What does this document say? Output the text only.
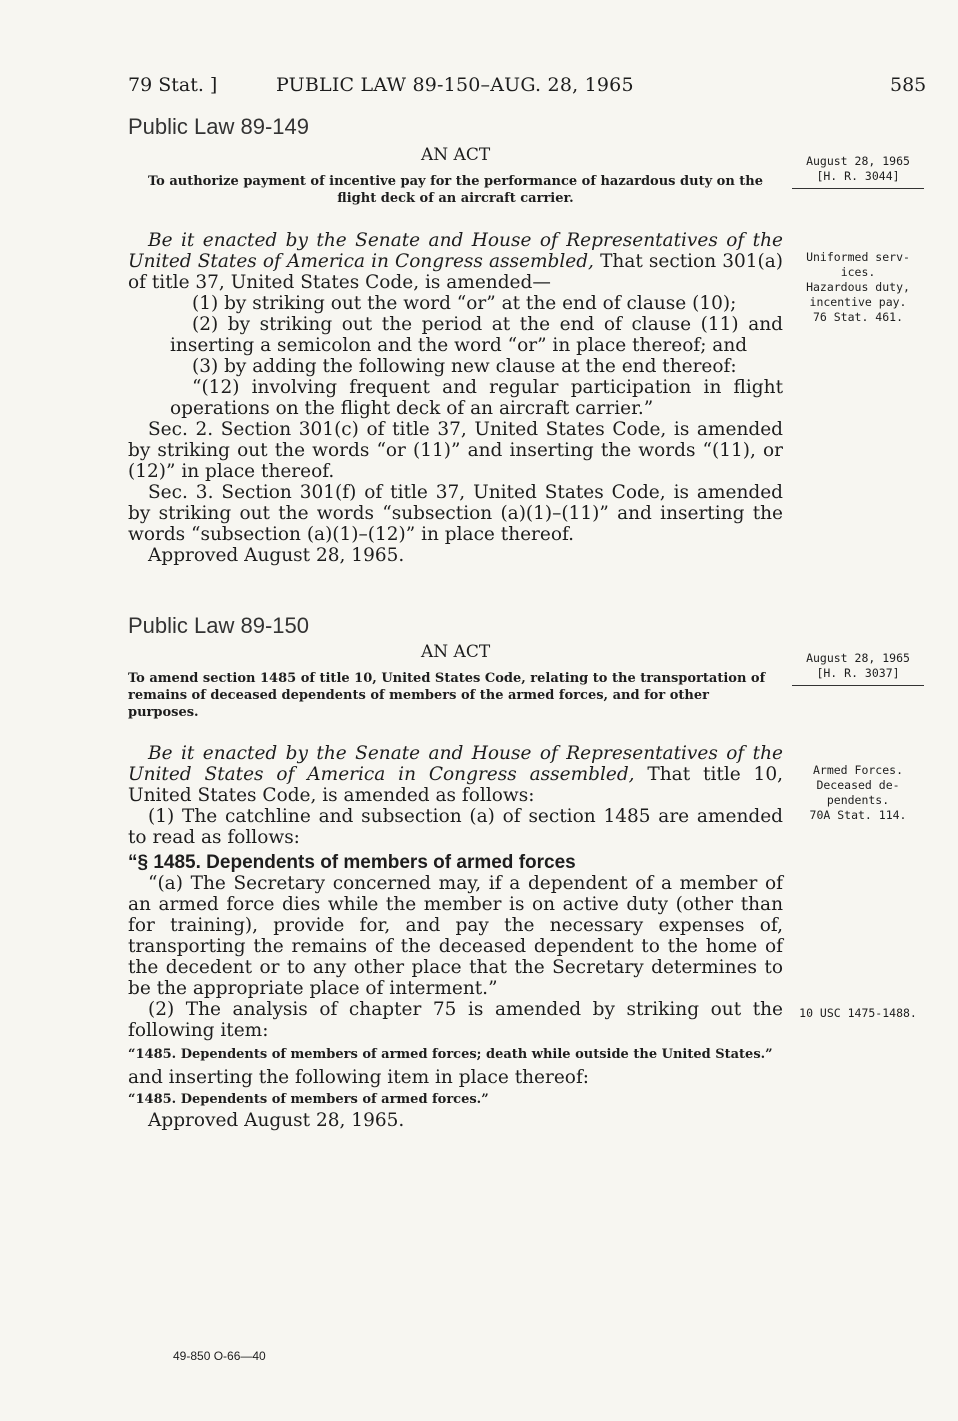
79 Stat. ]	PUBLIC LAW 89-150–AUG. 28, 1965	585
Public Law 89-149
AN ACT
To authorize payment of incentive pay for the performance of hazardous duty on the flight deck of an aircraft carrier.
August 28, 1965
[H. R. 3044]

Be it enacted by the Senate and House of Representatives of the United States of America in Congress assembled, That section 301(a) of title 37, United States Code, is amended—

(1) by striking out the word “or” at the end of clause (10);

(2) by striking out the period at the end of clause (11) and inserting a semicolon and the word “or” in place thereof; and

(3) by adding the following new clause at the end thereof:

“(12) involving frequent and regular participation in flight operations on the flight deck of an aircraft carrier.”

Sec. 2. Section 301(c) of title 37, United States Code, is amended by striking out the words “or (11)” and inserting the words “(11), or (12)” in place thereof.

Sec. 3. Section 301(f) of title 37, United States Code, is amended by striking out the words “subsection (a)(1)–(11)” and inserting the words “subsection (a)(1)–(12)” in place thereof.

Approved August 28, 1965.

Uniformed serv-ices.
Hazardous duty, incentive pay.
76 Stat. 461.
Public Law 89-150
AN ACT
To amend section 1485 of title 10, United States Code, relating to the transportation of remains of deceased dependents of members of the armed forces, and for other purposes.
August 28, 1965
[H. R. 3037]

Be it enacted by the Senate and House of Representatives of the United States of America in Congress assembled, That title 10, United States Code, is amended as follows:

(1) The catchline and subsection (a) of section 1485 are amended to read as follows:

“§ 1485. Dependents of members of armed forces

“(a) The Secretary concerned may, if a dependent of a member of an armed force dies while the member is on active duty (other than for training), provide for, and pay the necessary expenses of, transporting the remains of the deceased dependent to the home of the decedent or to any other place that the Secretary determines to be the appropriate place of interment.”

(2) The analysis of chapter 75 is amended by striking out the following item:

“1485. Dependents of members of armed forces; death while outside the United States.”

and inserting the following item in place thereof:

“1485. Dependents of members of armed forces.”

Approved August 28, 1965.

Armed Forces. Deceased de-pendents.
70A Stat. 114.
10 USC 1475-1488.
49-850 O-66—40
